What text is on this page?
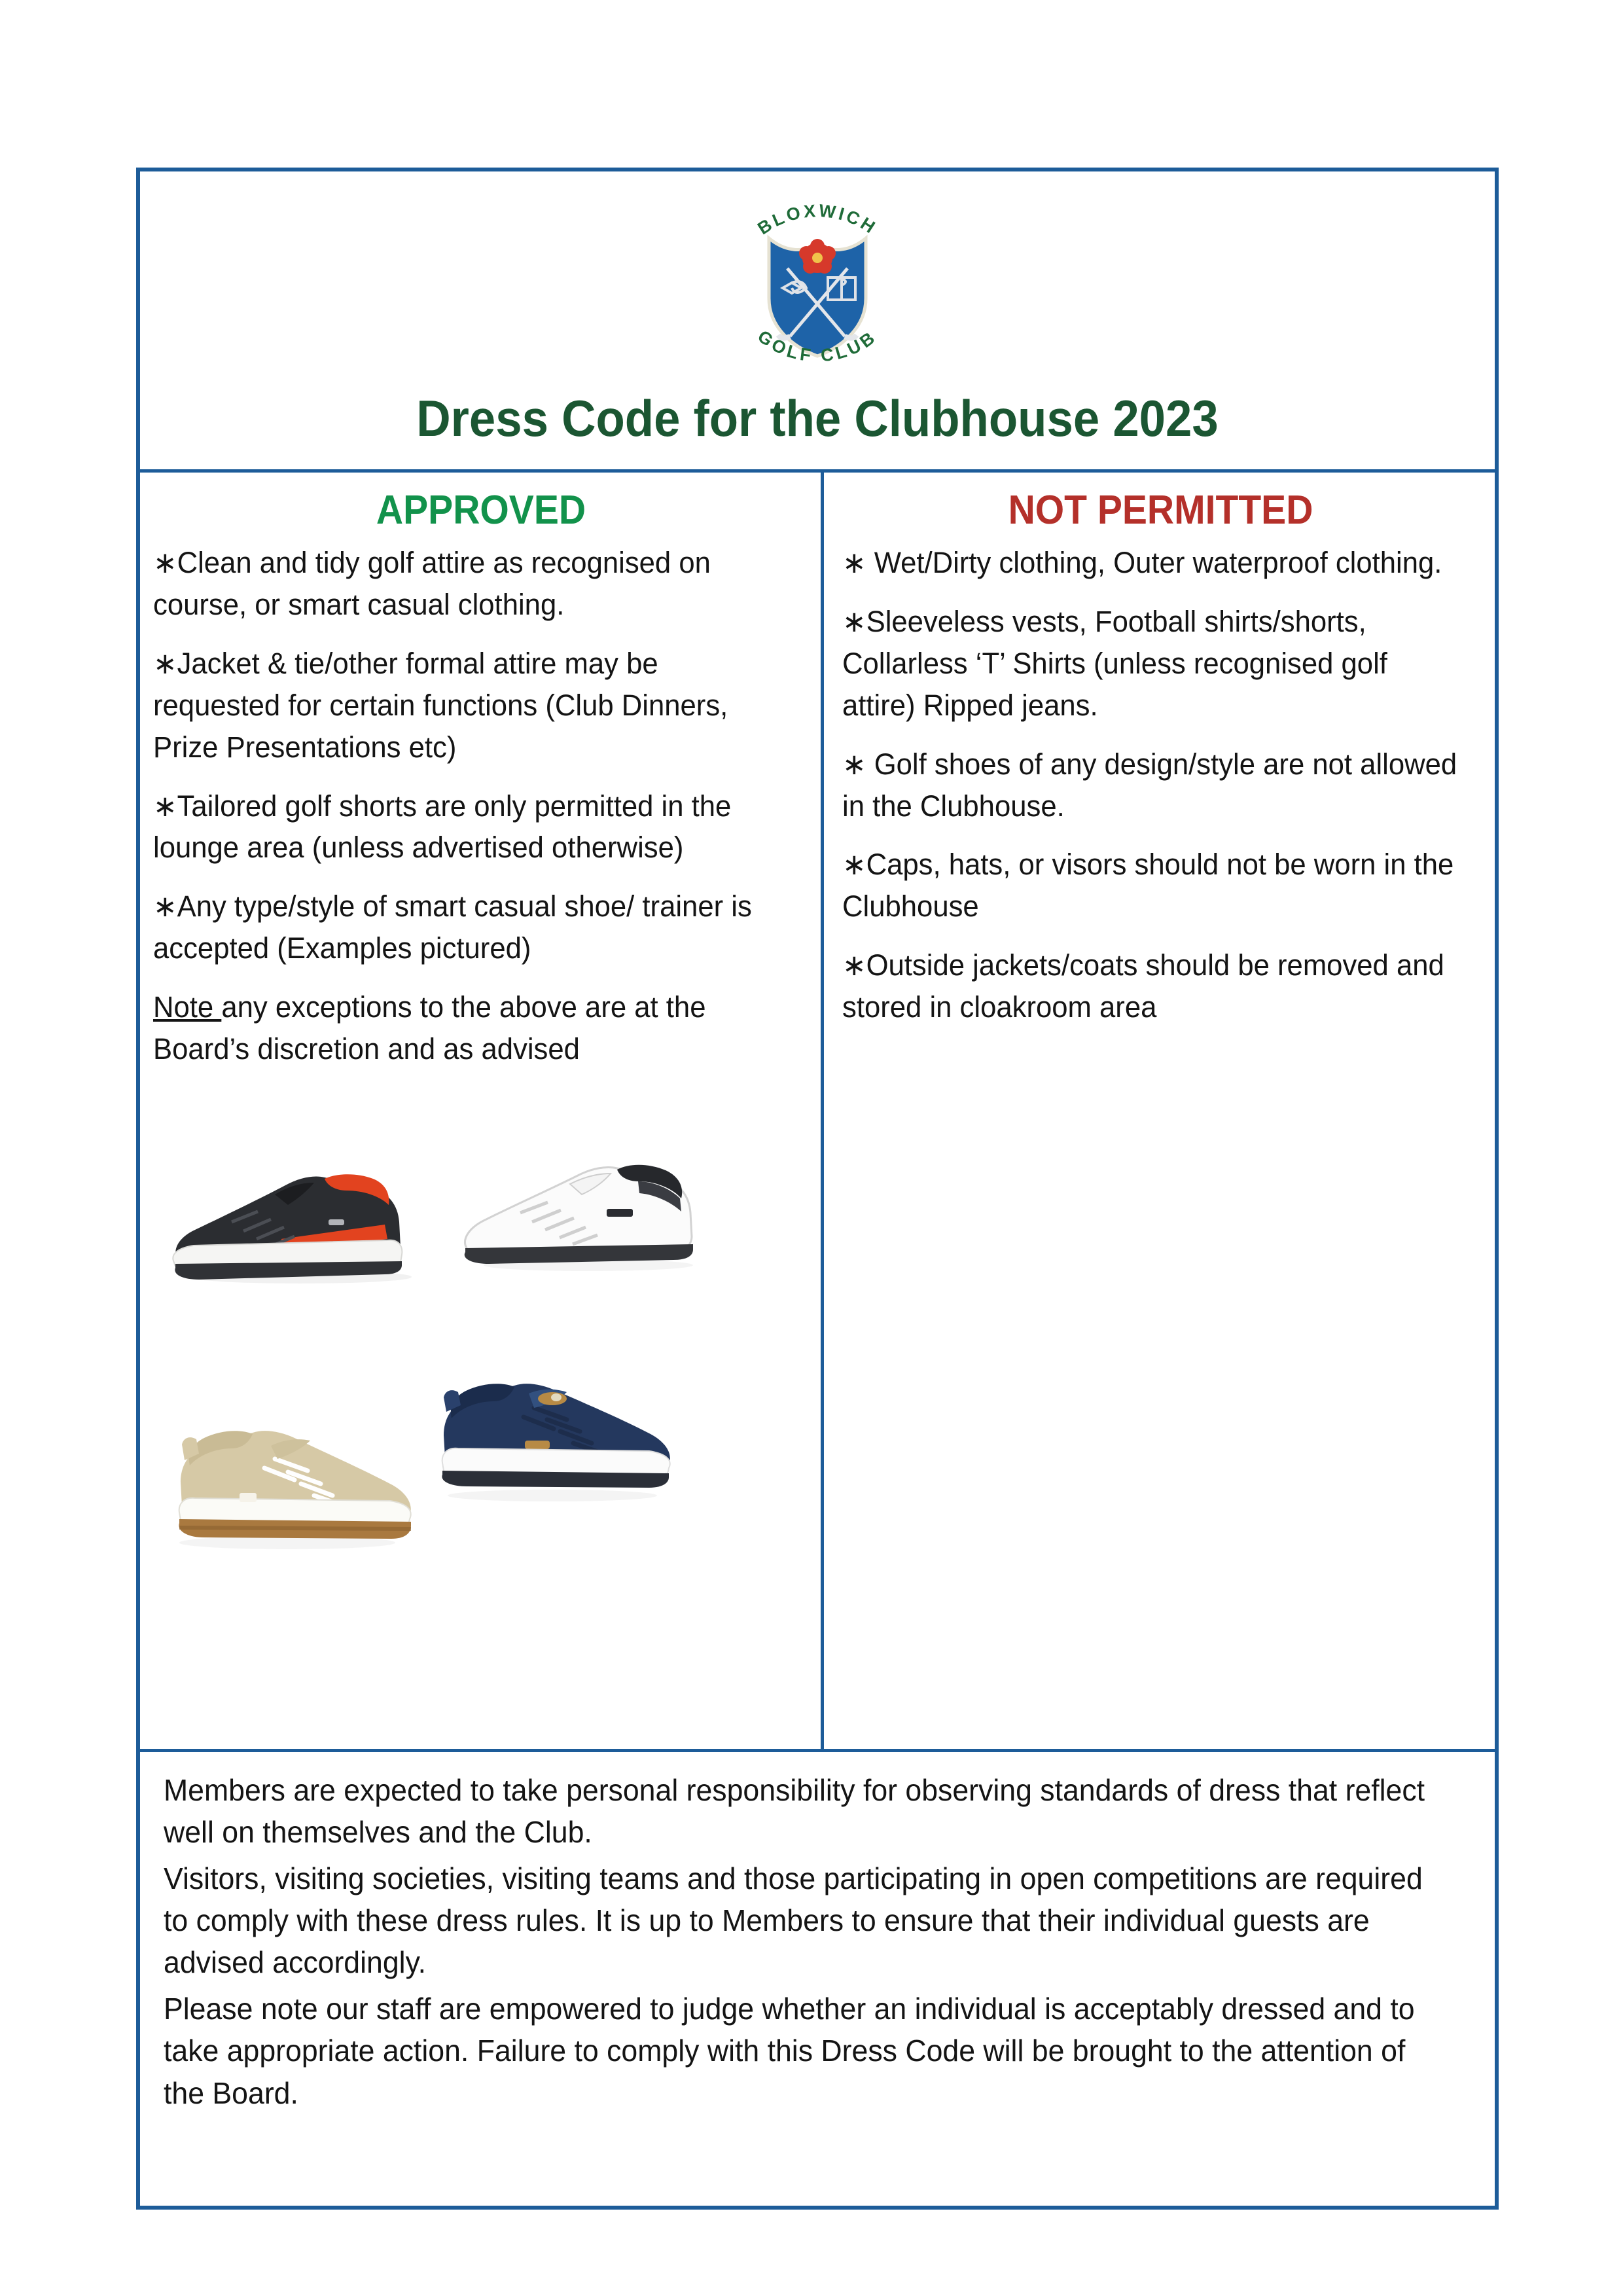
BLOXWICH
GOLF CLUB
Dress Code for the Clubhouse 2023
APPROVED
∗Clean and tidy golf attire as recognised on course, or smart casual clothing.
∗Jacket & tie/other formal attire may be requested for certain functions (Club Dinners, Prize Presentations etc)
∗Tailored golf shorts are only permitted in the lounge area (unless advertised otherwise)
∗Any type/style of smart casual shoe/ trainer is accepted (Examples pictured)
Note any exceptions to the above are at the Board’s discretion and as advised
NOT PERMITTED
∗ Wet/Dirty clothing, Outer waterproof clothing.
∗Sleeveless vests, Football shirts/shorts, Collarless ‘T’ Shirts (unless recognised golf attire) Ripped jeans.
∗ Golf shoes of any design/style are not allowed in the Clubhouse.
∗Caps, hats, or visors should not be worn in the Clubhouse
∗Outside jackets/coats should be removed and stored in cloakroom area

Members are expected to take personal responsibility for observing standards of dress that reflect well on themselves and the Club.

Visitors, visiting societies, visiting teams and those participating in open competitions are required to comply with these dress rules. It is up to Members to ensure that their individual guests are advised accordingly.

Please note our staff are empowered to judge whether an individual is acceptably dressed and to take appropriate action. Failure to comply with this Dress Code will be brought to the attention of the Board.
